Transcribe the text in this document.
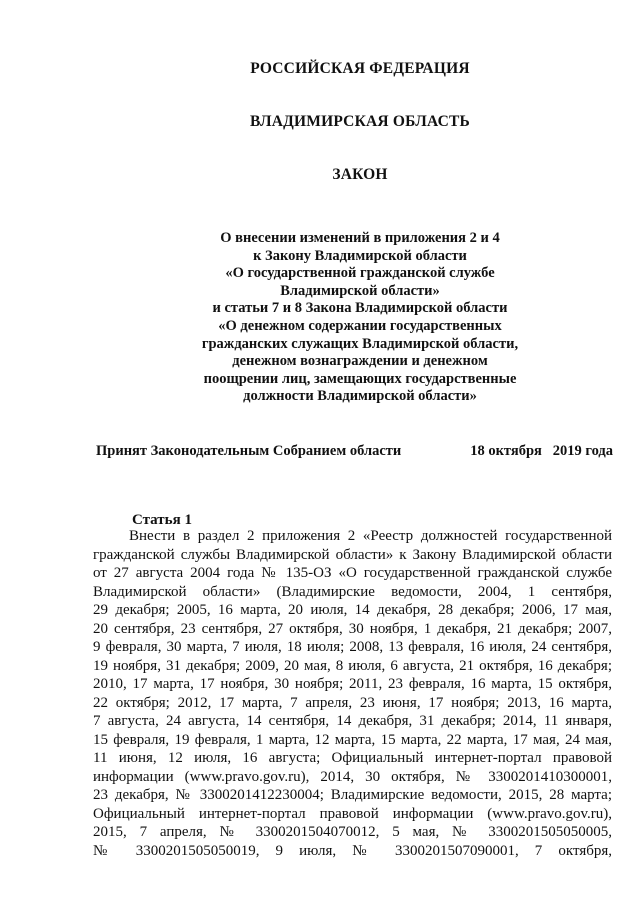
РОССИЙСКАЯ ФЕДЕРАЦИЯ
ВЛАДИМИРСКАЯ ОБЛАСТЬ
ЗАКОН
О внесении изменений в приложения 2 и 4
к Закону Владимирской области
«О государственной гражданской службе
Владимирской области»
и статьи 7 и 8 Закона Владимирской области
«О денежном содержании государственных
гражданских служащих Владимирской области,
денежном вознаграждении и денежном
поощрении лиц, замещающих государственные
должности Владимирской области»
Принят Законодательным Собранием области	18 октября   2019 года
Статья 1
Внести в раздел 2 приложения 2 «Реестр должностей государственной
гражданской службы Владимирской области» к Закону Владимирской области
от 27 августа 2004 года № 135-ОЗ «О государственной гражданской службе
Владимирской области» (Владимирские ведомости, 2004, 1 сентября,
29 декабря; 2005, 16 марта, 20 июля, 14 декабря, 28 декабря; 2006, 17 мая,
20 сентября, 23 сентября, 27 октября, 30 ноября, 1 декабря, 21 декабря; 2007,
9 февраля, 30 марта, 7 июля, 18 июля; 2008, 13 февраля, 16 июля, 24 сентября,
19 ноября, 31 декабря; 2009, 20 мая, 8 июля, 6 августа, 21 октября, 16 декабря;
2010, 17 марта, 17 ноября, 30 ноября; 2011, 23 февраля, 16 марта, 15 октября,
22 октября; 2012, 17 марта, 7 апреля, 23 июня, 17 ноября; 2013, 16 марта,
7 августа, 24 августа, 14 сентября, 14 декабря, 31 декабря; 2014, 11 января,
15 февраля, 19 февраля, 1 марта, 12 марта, 15 марта, 22 марта, 17 мая, 24 мая,
11 июня, 12 июля, 16 августа; Официальный интернет-портал правовой
информации (www.pravo.gov.ru), 2014, 30 октября, № 3300201410300001,
23 декабря, № 3300201412230004; Владимирские ведомости, 2015, 28 марта;
Официальный интернет-портал правовой информации (www.pravo.gov.ru),
2015, 7 апреля, № 3300201504070012, 5 мая, № 3300201505050005,
№ 3300201505050019, 9 июля, № 3300201507090001, 7 октября,
